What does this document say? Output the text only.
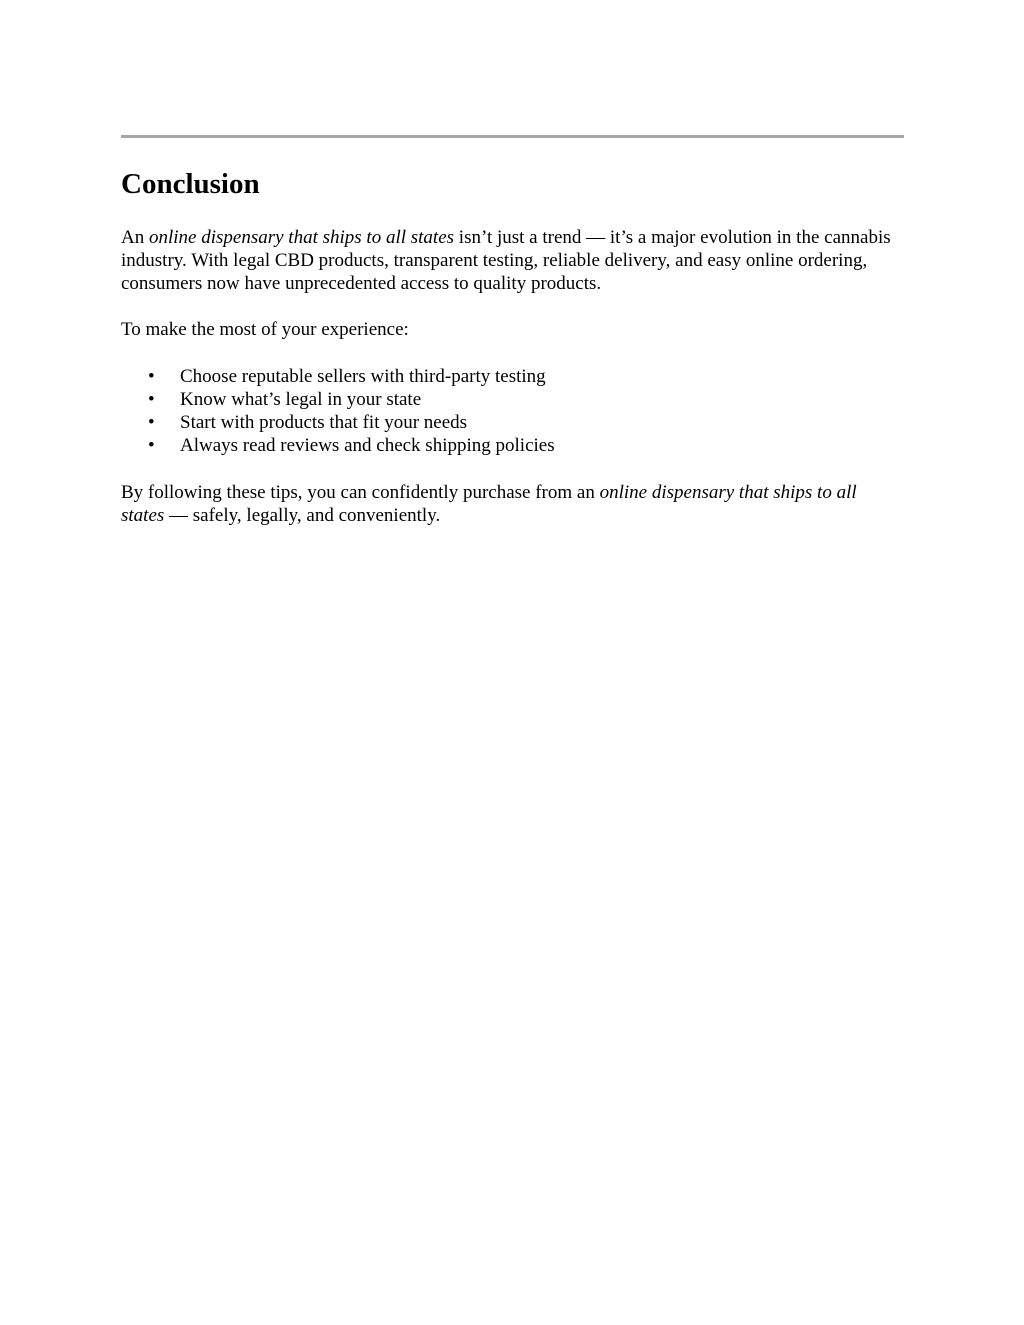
Conclusion

An online dispensary that ships to all states isn’t just a trend — it’s a major evolution in the cannabis industry. With legal CBD products, transparent testing, reliable delivery, and easy online ordering, consumers now have unprecedented access to quality products.

To make the most of your experience:

• Choose reputable sellers with third-party testing
• Know what’s legal in your state
• Start with products that fit your needs
• Always read reviews and check shipping policies

By following these tips, you can confidently purchase from an online dispensary that ships to all states — safely, legally, and conveniently.
